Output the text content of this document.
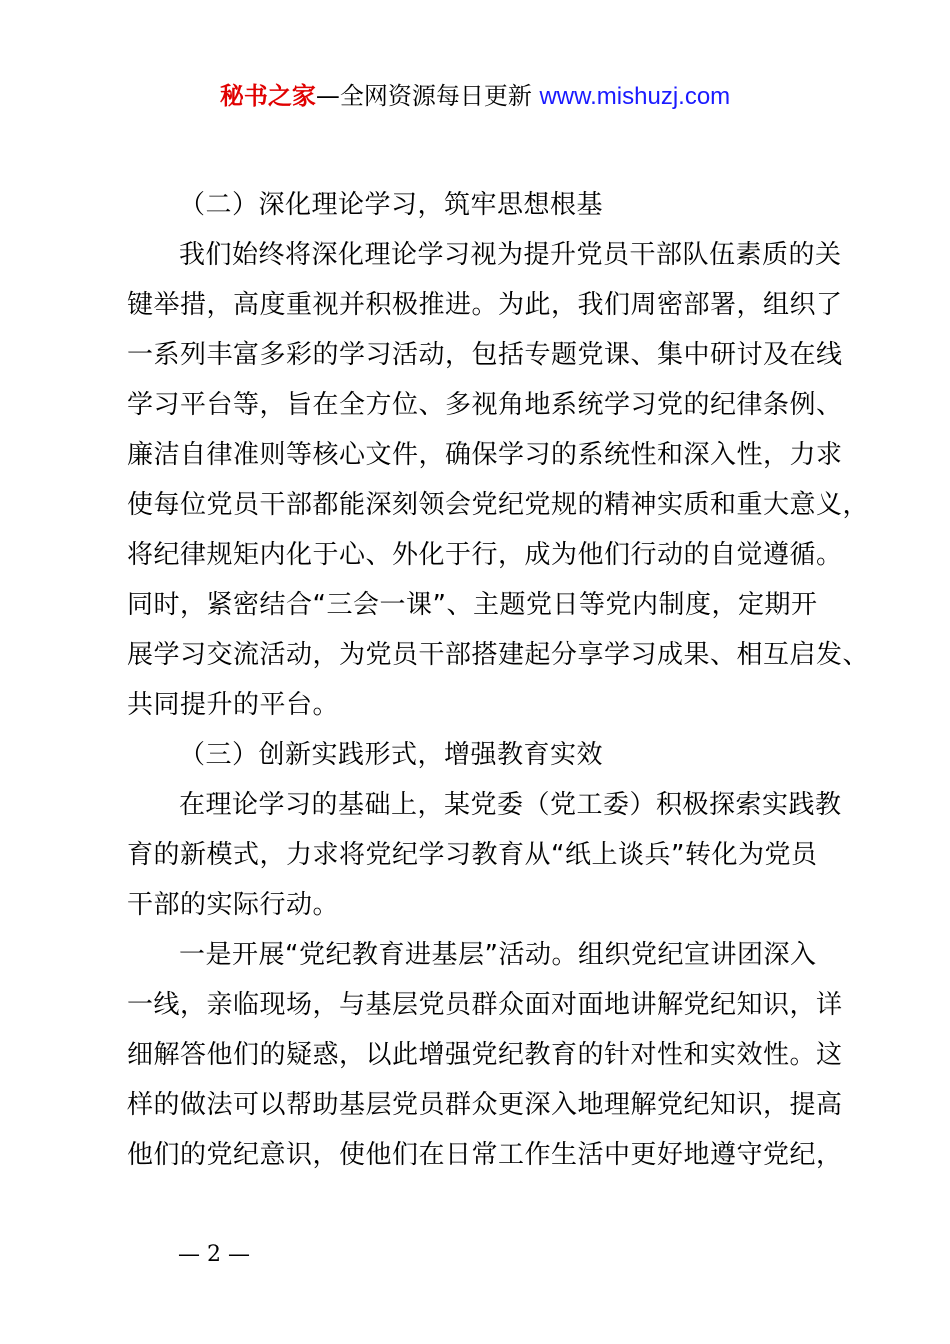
秘书之家—全网资源每日更新 www.mishuzj.com
（二）深化理论学习，筑牢思想根基
我们始终将深化理论学习视为提升党员干部队伍素质的关
键举措，高度重视并积极推进。为此，我们周密部署，组织了
一系列丰富多彩的学习活动，包括专题党课、集中研讨及在线
学习平台等，旨在全方位、多视角地系统学习党的纪律条例、
廉洁自律准则等核心文件，确保学习的系统性和深入性，力求
使每位党员干部都能深刻领会党纪党规的精神实质和重大意义，
将纪律规矩内化于心、外化于行，成为他们行动的自觉遵循。
同时，紧密结合“三会一课”、主题党日等党内制度，定期开
展学习交流活动，为党员干部搭建起分享学习成果、相互启发、
共同提升的平台。
（三）创新实践形式，增强教育实效
在理论学习的基础上，某党委（党工委）积极探索实践教
育的新模式，力求将党纪学习教育从“纸上谈兵”转化为党员
干部的实际行动。
一是开展“党纪教育进基层”活动。组织党纪宣讲团深入
一线，亲临现场，与基层党员群众面对面地讲解党纪知识，详
细解答他们的疑惑，以此增强党纪教育的针对性和实效性。这
样的做法可以帮助基层党员群众更深入地理解党纪知识，提高
他们的党纪意识，使他们在日常工作生活中更好地遵守党纪，
— 2 —
